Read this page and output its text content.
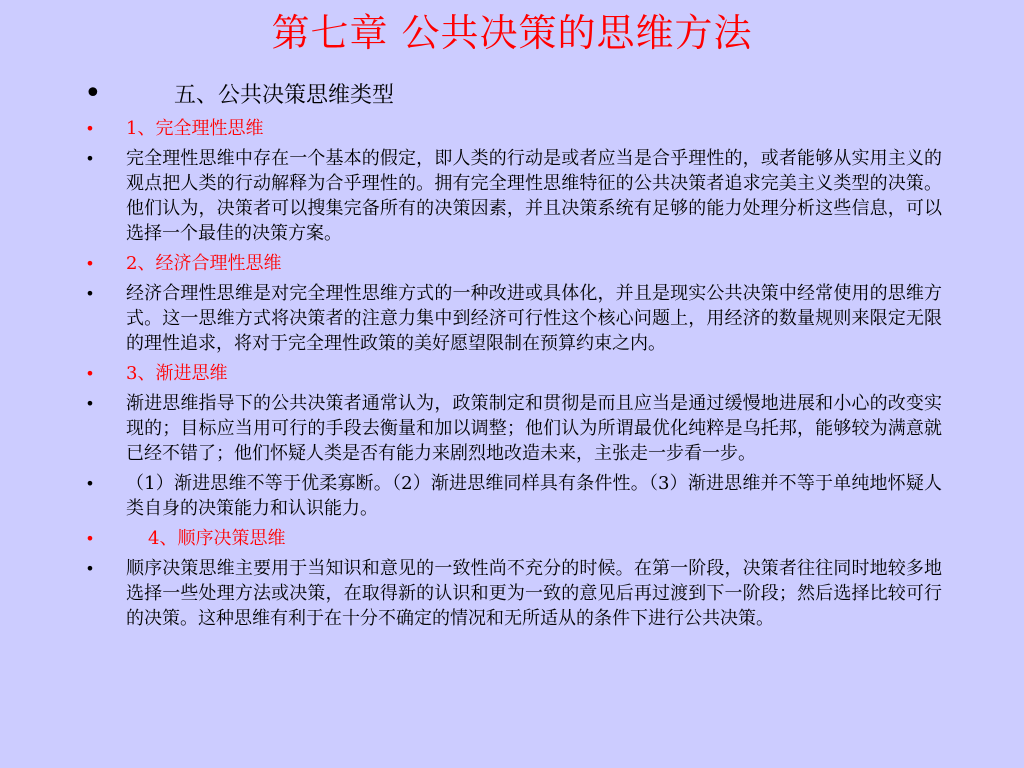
第七章 公共决策的思维方法
•	五、公共决策思维类型
• 1、完全理性思维
• 完全理性思维中存在一个基本的假定，即人类的行动是或者应当是合乎理性的，或者能够从实用主义的观点把人类的行动解释为合乎理性的。拥有完全理性思维特征的公共决策者追求完美主义类型的决策。他们认为，决策者可以搜集完备所有的决策因素，并且决策系统有足够的能力处理分析这些信息，可以选择一个最佳的决策方案。
• 2、经济合理性思维
• 经济合理性思维是对完全理性思维方式的一种改进或具体化，并且是现实公共决策中经常使用的思维方式。这一思维方式将决策者的注意力集中到经济可行性这个核心问题上，用经济的数量规则来限定无限的理性追求，将对于完全理性政策的美好愿望限制在预算约束之内。
• 3、渐进思维
• 渐进思维指导下的公共决策者通常认为，政策制定和贯彻是而且应当是通过缓慢地进展和小心的改变实现的；目标应当用可行的手段去衡量和加以调整；他们认为所谓最优化纯粹是乌托邦，能够较为满意就已经不错了；他们怀疑人类是否有能力来剧烈地改造未来，主张走一步看一步。
• （1）渐进思维不等于优柔寡断。（2）渐进思维同样具有条件性。（3）渐进思维并不等于单纯地怀疑人类自身的决策能力和认识能力。
•	4、顺序决策思维
• 顺序决策思维主要用于当知识和意见的一致性尚不充分的时候。在第一阶段，决策者往往同时地较多地选择一些处理方法或决策，在取得新的认识和更为一致的意见后再过渡到下一阶段；然后选择比较可行的决策。这种思维有利于在十分不确定的情况和无所适从的条件下进行公共决策。
